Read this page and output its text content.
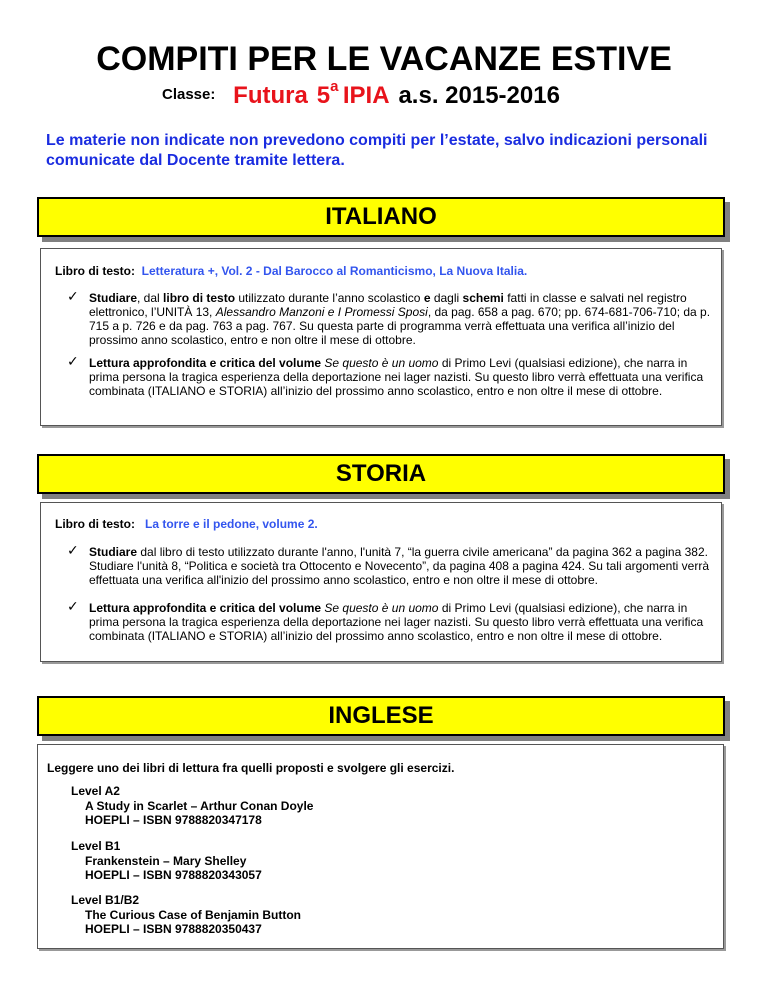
COMPITI PER LE VACANZE ESTIVE
Classe: Futura 5a IPIA a.s. 2015-2016
Le materie non indicate non prevedono compiti per l’estate, salvo indicazioni personali comunicate dal Docente tramite lettera.
ITALIANO
Libro di testo: Letteratura +, Vol. 2 - Dal Barocco al Romanticismo, La Nuova Italia.
✓ Studiare, dal libro di testo utilizzato durante l’anno scolastico e dagli schemi fatti in classe e salvati nel registro elettronico, l’UNITÀ 13, Alessandro Manzoni e I Promessi Sposi, da pag. 658 a pag. 670; pp. 674-681-706-710; da p. 715 a p. 726 e da pag. 763 a pag. 767. Su questa parte di programma verrà effettuata una verifica all’inizio del prossimo anno scolastico, entro e non oltre il mese di ottobre.
✓ Lettura approfondita e critica del volume Se questo è un uomo di Primo Levi (qualsiasi edizione), che narra in prima persona la tragica esperienza della deportazione nei lager nazisti. Su questo libro verrà effettuata una verifica combinata (ITALIANO e STORIA) all’inizio del prossimo anno scolastico, entro e non oltre il mese di ottobre.
STORIA
Libro di testo: La torre e il pedone, volume 2.
✓ Studiare dal libro di testo utilizzato durante l'anno, l'unità 7, “la guerra civile americana” da pagina 362 a pagina 382. Studiare l'unità 8, “Politica e società tra Ottocento e Novecento”, da pagina 408 a pagina 424. Su tali argomenti verrà effettuata una verifica all'inizio del prossimo anno scolastico, entro e non oltre il mese di ottobre.
✓ Lettura approfondita e critica del volume Se questo è un uomo di Primo Levi (qualsiasi edizione), che narra in prima persona la tragica esperienza della deportazione nei lager nazisti. Su questo libro verrà effettuata una verifica combinata (ITALIANO e STORIA) all’inizio del prossimo anno scolastico, entro e non oltre il mese di ottobre.
INGLESE
Leggere uno dei libri di lettura fra quelli proposti e svolgere gli esercizi.
Level A2
A Study in Scarlet – Arthur Conan Doyle
HOEPLI – ISBN 9788820347178
Level B1
Frankenstein – Mary Shelley
HOEPLI – ISBN 9788820343057
Level B1/B2
The Curious Case of Benjamin Button
HOEPLI – ISBN 9788820350437
